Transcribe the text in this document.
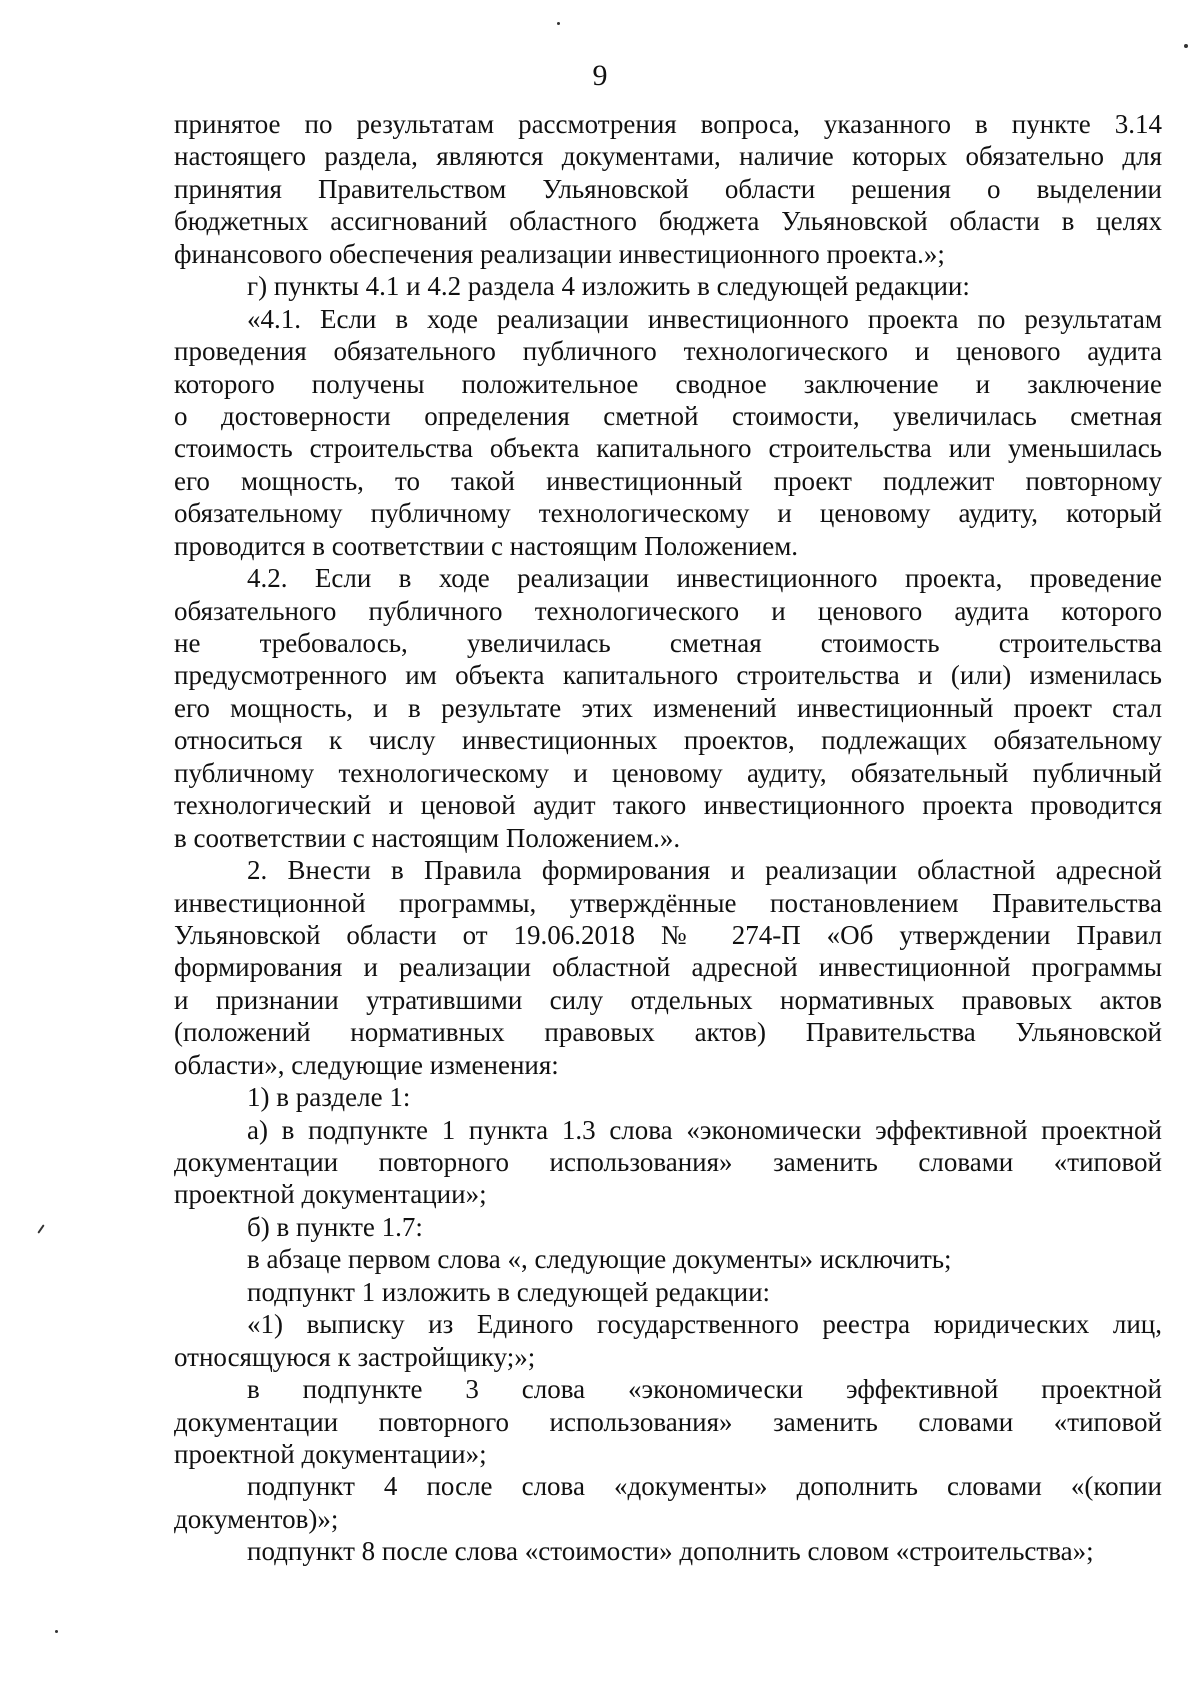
9
принятое по результатам рассмотрения вопроса, указанного в пункте 3.14
настоящего раздела, являются документами, наличие которых обязательно для
принятия Правительством Ульяновской области решения о выделении
бюджетных ассигнований областного бюджета Ульяновской области в целях
финансового обеспечения реализации инвестиционного проекта.»;
г) пункты 4.1 и 4.2 раздела 4 изложить в следующей редакции:
«4.1. Если в ходе реализации инвестиционного проекта по результатам
проведения обязательного публичного технологического и ценового аудита
которого получены положительное сводное заключение и заключение
о достоверности определения сметной стоимости, увеличилась сметная
стоимость строительства объекта капитального строительства или уменьшилась
его мощность, то такой инвестиционный проект подлежит повторному
обязательному публичному технологическому и ценовому аудиту, который
проводится в соответствии с настоящим Положением.
4.2. Если в ходе реализации инвестиционного проекта, проведение
обязательного публичного технологического и ценового аудита которого
не требовалось, увеличилась сметная стоимость строительства
предусмотренного им объекта капитального строительства и (или) изменилась
его мощность, и в результате этих изменений инвестиционный проект стал
относиться к числу инвестиционных проектов, подлежащих обязательному
публичному технологическому и ценовому аудиту, обязательный публичный
технологический и ценовой аудит такого инвестиционного проекта проводится
в соответствии с настоящим Положением.».
2. Внести в Правила формирования и реализации областной адресной
инвестиционной программы, утверждённые постановлением Правительства
Ульяновской области от 19.06.2018 № 274-П «Об утверждении Правил
формирования и реализации областной адресной инвестиционной программы
и признании утратившими силу отдельных нормативных правовых актов
(положений нормативных правовых актов) Правительства Ульяновской
области», следующие изменения:
1) в разделе 1:
а) в подпункте 1 пункта 1.3 слова «экономически эффективной проектной
документации повторного использования» заменить словами «типовой
проектной документации»;
б) в пункте 1.7:
в абзаце первом слова «, следующие документы» исключить;
подпункт 1 изложить в следующей редакции:
«1) выписку из Единого государственного реестра юридических лиц,
относящуюся к застройщику;»;
в подпункте 3 слова «экономически эффективной проектной
документации повторного использования» заменить словами «типовой
проектной документации»;
подпункт 4 после слова «документы» дополнить словами «(копии
документов)»;
подпункт 8 после слова «стоимости» дополнить словом «строительства»;
